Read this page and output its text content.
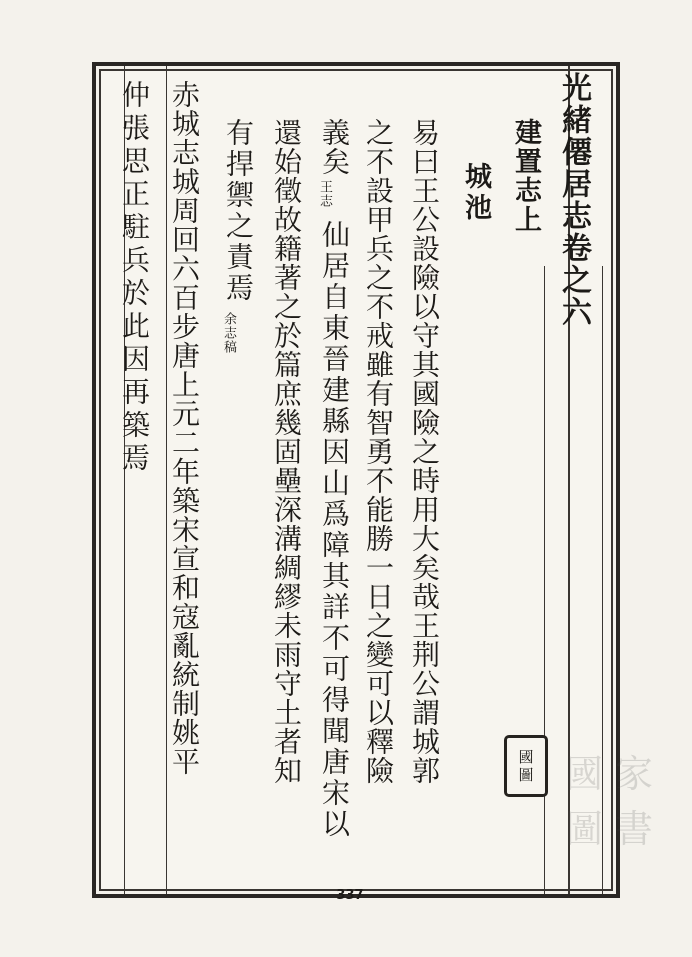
光緒僊居志卷之六
建置志上
城池
易曰王公設險以守其國險之時用大矣哉王荆公謂城郭
之不設甲兵之不戒雖有智勇不能勝一日之變可以釋險
義矣
王志
仙居自東晉建縣因山爲障其詳不可得聞唐宋以
還始徵故籍著之於篇庶幾固壘深溝綢繆未雨守土者知
有捍禦之責焉
余志稿
赤城志城周回六百步唐上元二年築宋宣和寇亂統制姚平
仲張思正駐兵於此因再築焉
國
圖 國 家
圖 書
337
